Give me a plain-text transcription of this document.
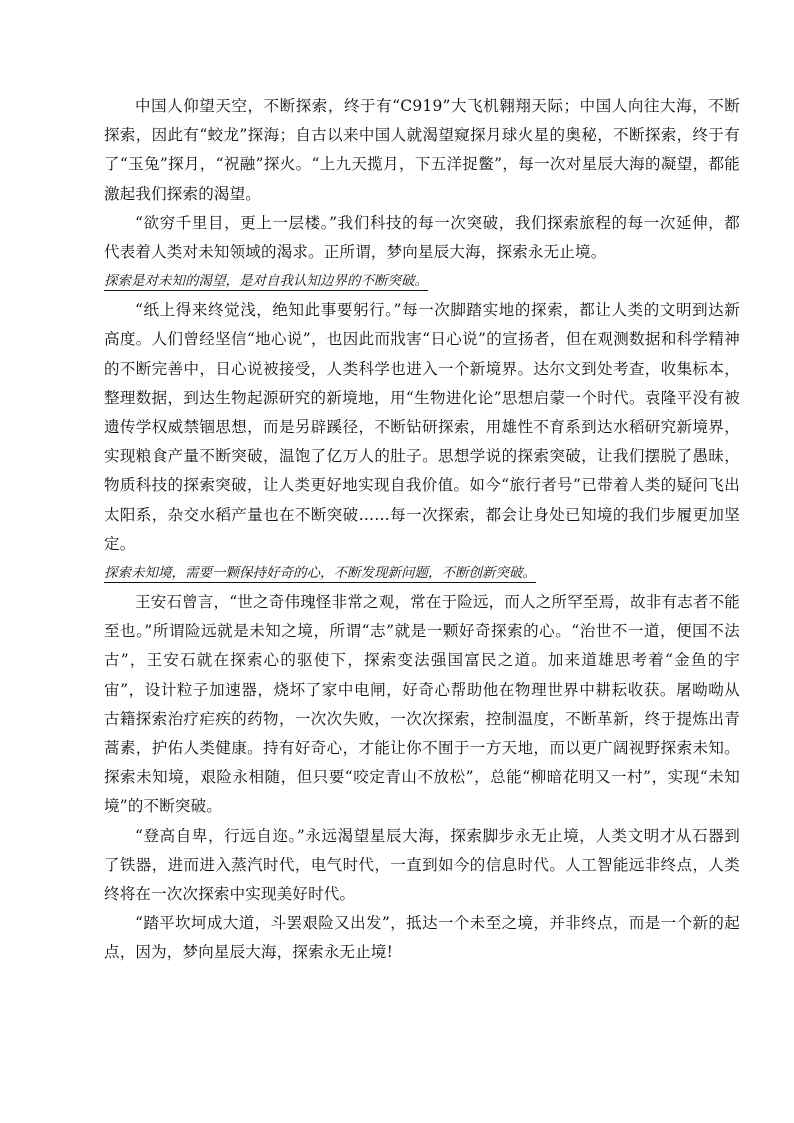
中国人仰望天空，不断探索，终于有“C919”大飞机翱翔天际；中国人向往大海，不断探索，因此有“蛟龙”探海；自古以来中国人就渴望窥探月球火星的奥秘，不断探索，终于有了“玉兔”探月，“祝融”探火。“上九天揽月，下五洋捉鳖”，每一次对星辰大海的凝望，都能激起我们探索的渴望。

“欲穷千里目，更上一层楼。”我们科技的每一次突破，我们探索旅程的每一次延伸，都代表着人类对未知领域的渴求。正所谓，梦向星辰大海，探索永无止境。

探索是对未知的渴望，是对自我认知边界的不断突破。

“纸上得来终觉浅，绝知此事要躬行。”每一次脚踏实地的探索，都让人类的文明到达新高度。人们曾经坚信“地心说”，也因此而戕害“日心说”的宣扬者，但在观测数据和科学精神的不断完善中，日心说被接受，人类科学也进入一个新境界。达尔文到处考查，收集标本，整理数据，到达生物起源研究的新境地，用“生物进化论”思想启蒙一个时代。袁隆平没有被遗传学权威禁锢思想，而是另辟蹊径，不断钻研探索，用雄性不育系到达水稻研究新境界，实现粮食产量不断突破，温饱了亿万人的肚子。思想学说的探索突破，让我们摆脱了愚昧，物质科技的探索突破，让人类更好地实现自我价值。如今“旅行者号”已带着人类的疑问飞出太阳系，杂交水稻产量也在不断突破……每一次探索，都会让身处已知境的我们步履更加坚定。

探索未知境，需要一颗保持好奇的心，不断发现新问题，不断创新突破。

王安石曾言，“世之奇伟瑰怪非常之观，常在于险远，而人之所罕至焉，故非有志者不能至也。”所谓险远就是未知之境，所谓“志”就是一颗好奇探索的心。“治世不一道，便国不法古”，王安石就在探索心的驱使下，探索变法强国富民之道。加来道雄思考着“金鱼的宇宙”，设计粒子加速器，烧坏了家中电闸，好奇心帮助他在物理世界中耕耘收获。屠呦呦从古籍探索治疗疟疾的药物，一次次失败，一次次探索，控制温度，不断革新，终于提炼出青蒿素，护佑人类健康。持有好奇心，才能让你不囿于一方天地，而以更广阔视野探索未知。探索未知境，艰险永相随，但只要“咬定青山不放松”，总能“柳暗花明又一村”，实现“未知境”的不断突破。

“登高自卑，行远自迩。”永远渴望星辰大海，探索脚步永无止境，人类文明才从石器到了铁器，进而进入蒸汽时代，电气时代，一直到如今的信息时代。人工智能远非终点，人类终将在一次次探索中实现美好时代。

“踏平坎坷成大道，斗罢艰险又出发”，抵达一个未至之境，并非终点，而是一个新的起点，因为，梦向星辰大海，探索永无止境!
